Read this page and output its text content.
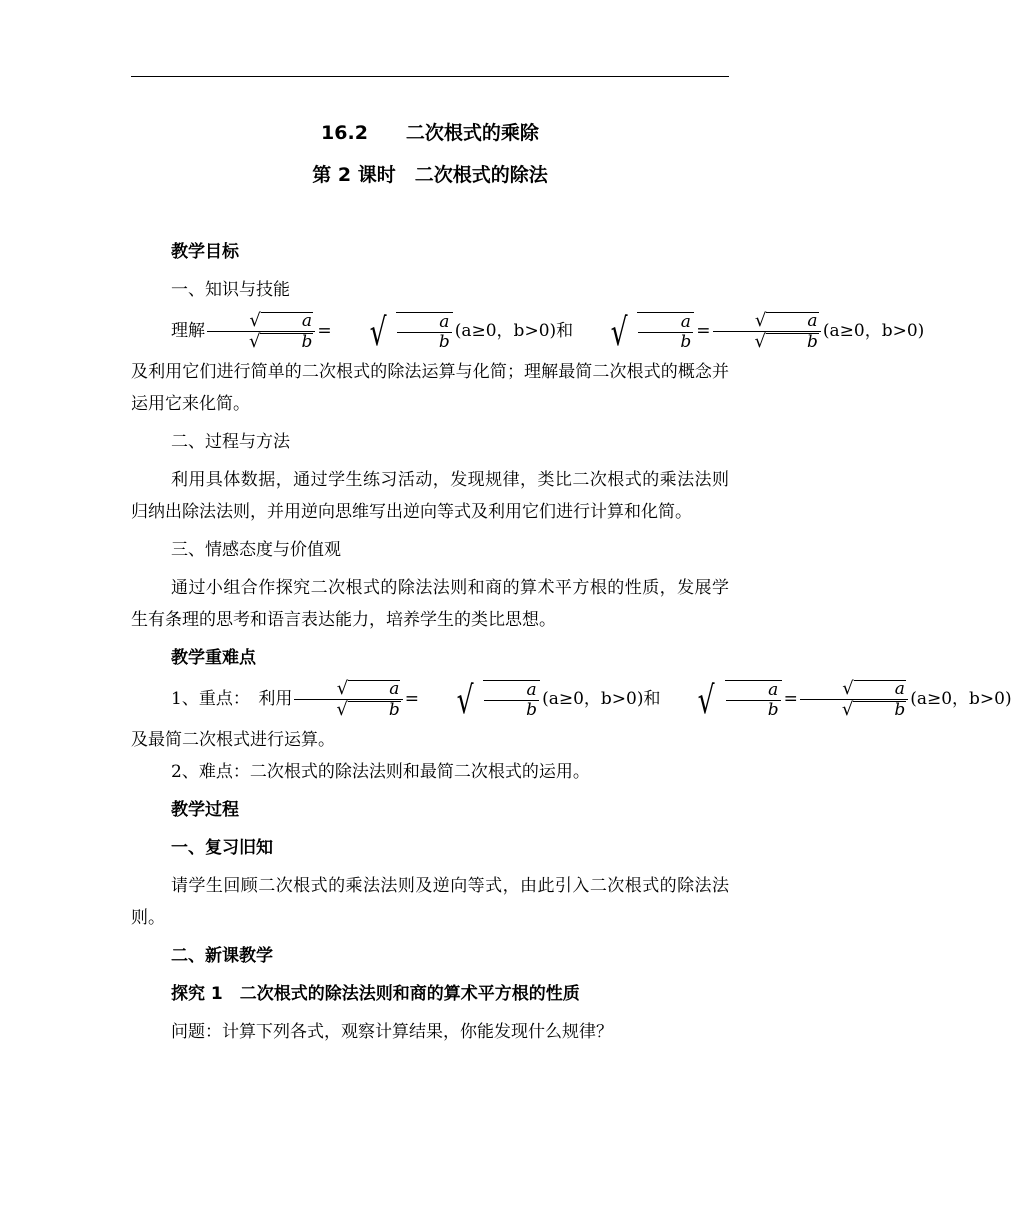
16.2　　二次根式的乘除
第 2 课时　二次根式的除法

教学目标

一、知识与技能

理解 $\frac{√ a}{√ b}$ = √ $\frac{a}{b} (a\ge 0$，b>0)和 √ $\frac{a}{b} = \frac{√ a}{√ b} (a\ge 0$，b>0)

及利用它们进行简单的二次根式的除法运算与化简；理解最简二次根式的概念并运用它来化简。

二、过程与方法

利用具体数据，通过学生练习活动，发现规律，类比二次根式的乘法法则归纳出除法法则，并用逆向思维写出逆向等式及利用它们进行计算和化简。

三、情感态度与价值观

通过小组合作探究二次根式的除法法则和商的算术平方根的性质，发展学生有条理的思考和语言表达能力，培养学生的类比思想。

教学重难点

1、重点：　利用 $\frac{√ a}{√ b}$ = √ $\frac{a}{b} (a\ge 0$，b>0)和 √ $\frac{a}{b} = \frac{√ a}{√ b} (a\ge 0$，b>0)

及最简二次根式进行运算。

2、难点：二次根式的除法法则和最简二次根式的运用。

教学过程

一、复习旧知

请学生回顾二次根式的乘法法则及逆向等式，由此引入二次根式的除法法则。

二、新课教学

探究 1　二次根式的除法法则和商的算术平方根的性质

问题：计算下列各式，观察计算结果，你能发现什么规律？
